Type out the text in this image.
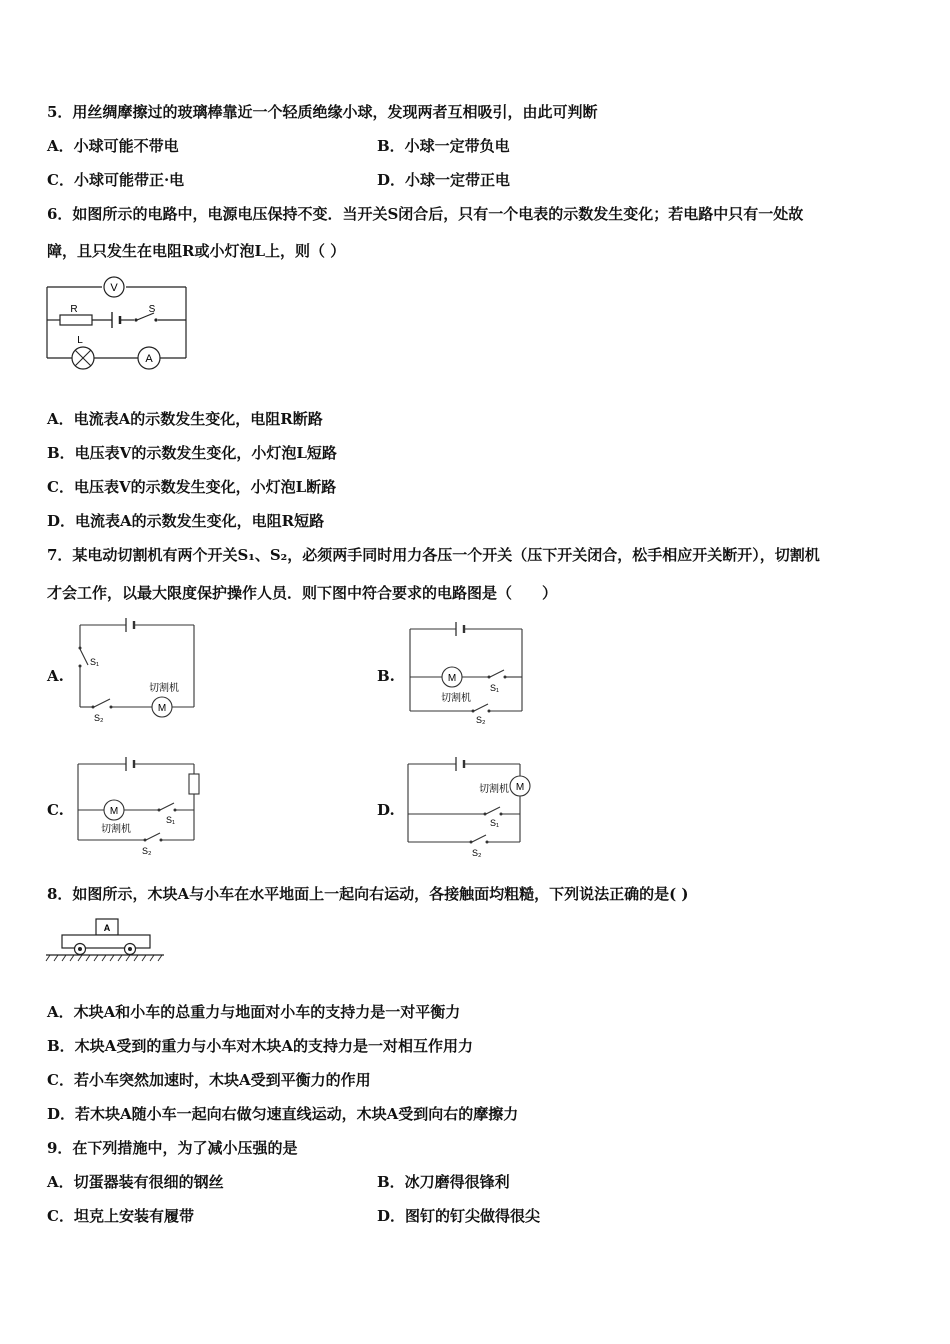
5．用丝绸摩擦过的玻璃棒靠近一个轻质绝缘小球，发现两者互相吸引，由此可判断
A．小球可能不带电	B．小球一定带负电
C．小球可能带正·电	D．小球一定带正电
6．如图所示的电路中，电源电压保持不变．当开关S闭合后，只有一个电表的示数发生变化；若电路中只有一处故
障，且只发生在电阻R或小灯泡L上，则（ ）
V
R	S
L
A
A．电流表A的示数发生变化，电阻R断路
B．电压表V的示数发生变化，小灯泡L短路
C．电压表V的示数发生变化，小灯泡L断路
D．电流表A的示数发生变化，电阻R短路
7．某电动切割机有两个开关S₁、S₂，必须两手同时用力各压一个开关（压下开关闭合，松手相应开关断开），切割机
才会工作，以最大限度保护操作人员．则下图中符合要求的电路图是（　　）
A.
S₁
S₂
M
切割机
B.	M
切割机
S₁
S₂
C.	M
切割机
S₁
S₂
D.
M
切割机
S₁
S₂
8．如图所示，木块A与小车在水平地面上一起向右运动，各接触面均粗糙，下列说法正确的是( )
A
A．木块A和小车的总重力与地面对小车的支持力是一对平衡力
B．木块A受到的重力与小车对木块A的支持力是一对相互作用力
C．若小车突然加速时，木块A受到平衡力的作用
D．若木块A随小车一起向右做匀速直线运动，木块A受到向右的摩擦力
9．在下列措施中，为了减小压强的是
A．切蛋器装有很细的钢丝	B．冰刀磨得很锋利
C．坦克上安装有履带	D．图钉的钉尖做得很尖
